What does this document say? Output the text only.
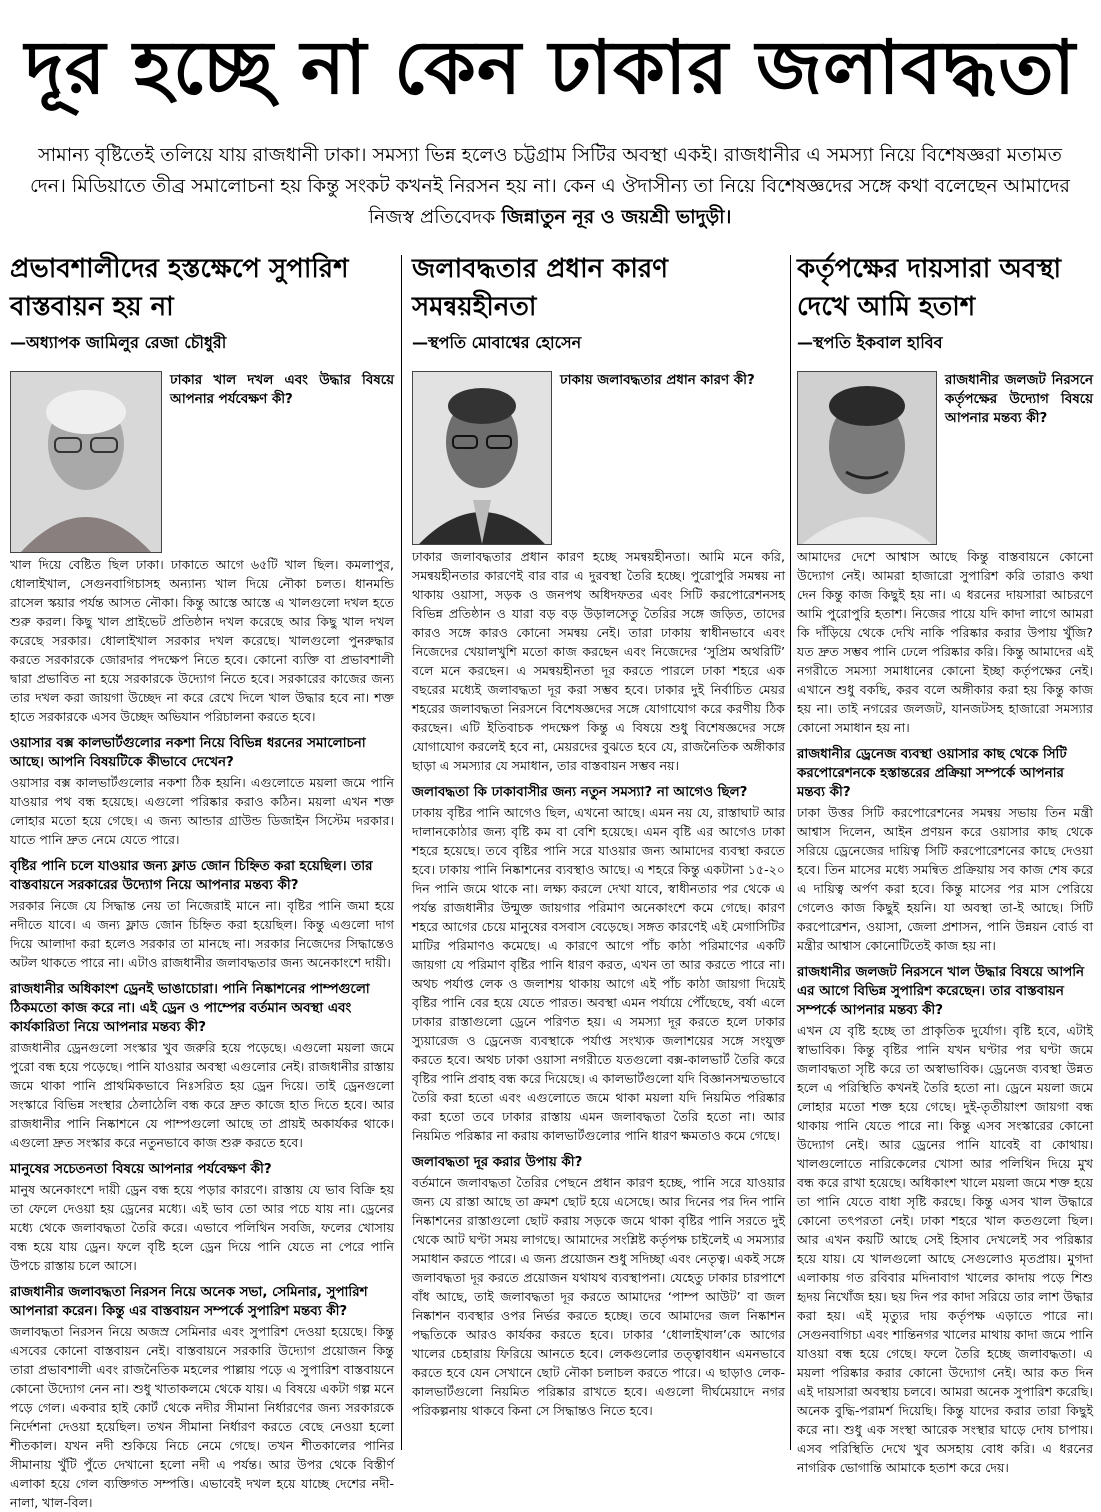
দূর হচ্ছে না কেন ঢাকার জলাবদ্ধতা
সামান্য বৃষ্টিতেই তলিয়ে যায় রাজধানী ঢাকা। সমস্যা ভিন্ন হলেও চট্টগ্রাম সিটির অবস্থা একই। রাজধানীর এ সমস্যা নিয়ে বিশেষজ্ঞরা মতামত দেন। মিডিয়াতে তীব্র সমালোচনা হয় কিন্তু সংকট কখনই নিরসন হয় না। কেন এ ঔদাসীন্য তা নিয়ে বিশেষজ্ঞদের সঙ্গে কথা বলেছেন আমাদের নিজস্ব প্রতিবেদক জিন্নাতুন নূর ও জয়শ্রী ভাদুড়ী।
প্রভাবশালীদের হস্তক্ষেপে সুপারিশ বাস্তবায়ন হয় না
—অধ্যাপক জামিলুর রেজা চৌধুরী
ঢাকার খাল দখল এবং উদ্ধার বিষয়ে আপনার পর্যবেক্ষণ কী?
খাল দিয়ে বেষ্টিত ছিল ঢাকা। ঢাকাতে আগে ৬৫টি খাল ছিল। কমলাপুর, ধোলাইখাল, সেগুনবাগিচাসহ অন্যান্য খাল দিয়ে নৌকা চলত। ধানমন্ডি রাসেল স্কয়ার পর্যন্ত আসত নৌকা। কিন্তু আস্তে আস্তে এ খালগুলো দখল হতে শুরু করল। কিছু খাল প্রাইভেট প্রতিষ্ঠান দখল করেছে আর কিছু খাল দখল করেছে সরকার। ধোলাইখাল সরকার দখল করেছে। খালগুলো পুনরুদ্ধার করতে সরকারকে জোরদার পদক্ষেপ নিতে হবে। কোনো ব্যক্তি বা প্রভাবশালী দ্বারা প্রভাবিত না হয়ে সরকারকে উদ্যোগ নিতে হবে। সরকারের কাজের জন্য তার দখল করা জায়গা উচ্ছেদ না করে রেখে দিলে খাল উদ্ধার হবে না। শক্ত হাতে সরকারকে এসব উচ্ছেদ অভিযান পরিচালনা করতে হবে।
ওয়াসার বক্স কালভার্টগুলোর নকশা নিয়ে বিভিন্ন ধরনের সমালোচনা আছে। আপনি বিষয়টিকে কীভাবে দেখেন?
ওয়াসার বক্স কালভার্টগুলোর নকশা ঠিক হয়নি। এগুলোতে ময়লা জমে পানি যাওয়ার পথ বন্ধ হয়েছে। এগুলো পরিষ্কার করাও কঠিন। ময়লা এখন শক্ত লোহার মতো হয়ে গেছে। এ জন্য আন্ডার গ্রাউন্ড ডিজাইন সিস্টেম দরকার। যাতে পানি দ্রুত নেমে যেতে পারে।
বৃষ্টির পানি চলে যাওয়ার জন্য ফ্লাড জোন চিহ্নিত করা হয়েছিল। তার বাস্তবায়নে সরকারের উদ্যোগ নিয়ে আপনার মন্তব্য কী?
সরকার নিজে যে সিদ্ধান্ত নেয় তা নিজেরাই মানে না। বৃষ্টির পানি জমা হয়ে নদীতে যাবে। এ জন্য ফ্লাড জোন চিহ্নিত করা হয়েছিল। কিন্তু এগুলো দাগ দিয়ে আলাদা করা হলেও সরকার তা মানছে না। সরকার নিজেদের সিদ্ধান্তেও অটল থাকতে পারে না। এটাও রাজধানীর জলাবদ্ধতার জন্য অনেকাংশে দায়ী।
রাজধানীর অধিকাংশ ড্রেনই ভাঙাচোরা। পানি নিষ্কাশনের পাম্পগুলো ঠিকমতো কাজ করে না। এই ড্রেন ও পাম্পের বর্তমান অবস্থা এবং কার্যকারিতা নিয়ে আপনার মন্তব্য কী?
রাজধানীর ড্রেনগুলো সংস্কার খুব জরুরি হয়ে পড়েছে। এগুলো ময়লা জমে পুরো বন্ধ হয়ে পড়েছে। পানি যাওয়ার অবস্থা এগুলোর নেই। রাজধানীর রাস্তায় জমে থাকা পানি প্রাথমিকভাবে নিঃসরিত হয় ড্রেন দিয়ে। তাই ড্রেনগুলো সংস্কারে বিভিন্ন সংস্থার ঠেলাঠেলি বন্ধ করে দ্রুত কাজে হাত দিতে হবে। আর রাজধানীর পানি নিষ্কাশনে যে পাম্পগুলো আছে তা প্রায়ই অকার্যকর থাকে। এগুলো দ্রুত সংস্কার করে নতুনভাবে কাজ শুরু করতে হবে।
মানুষের সচেতনতা বিষয়ে আপনার পর্যবেক্ষণ কী?
মানুষ অনেকাংশে দায়ী ড্রেন বন্ধ হয়ে পড়ার কারণে। রাস্তায় যে ভাব বিক্রি হয় তা ফেলে দেওয়া হয় ড্রেনের মধ্যে। এই ভাব তো আর পচে যায় না। ড্রেনের মধ্যে থেকে জলাবদ্ধতা তৈরি করে। এভাবে পলিথিন সবজি, ফলের খোসায় বন্ধ হয়ে যায় ড্রেন। ফলে বৃষ্টি হলে ড্রেন দিয়ে পানি যেতে না পেরে পানি উপচে রাস্তায় চলে আসে।
রাজধানীর জলাবদ্ধতা নিরসন নিয়ে অনেক সভা, সেমিনার, সুপারিশ আপনারা করেন। কিন্তু এর বাস্তবায়ন সম্পর্কে সুপারিশ মন্তব্য কী?
জলাবদ্ধতা নিরসন নিয়ে অজস্র সেমিনার এবং সুপারিশ দেওয়া হয়েছে। কিন্তু এসবের কোনো বাস্তবায়ন নেই। বাস্তবায়নে সরকারি উদ্যোগ প্রয়োজন কিন্তু তারা প্রভাবশালী এবং রাজনৈতিক মহলের পাল্লায় পড়ে এ সুপারিশ বাস্তবায়নে কোনো উদ্যোগ নেন না। শুধু খাতাকলমে থেকে যায়। এ বিষয়ে একটা গল্প মনে পড়ে গেল। একবার হাই কোর্ট থেকে নদীর সীমানা নির্ধারণের জন্য সরকারকে নির্দেশনা দেওয়া হয়েছিল। তখন সীমানা নির্ধারণ করতে বেছে নেওয়া হলো শীতকাল। যখন নদী শুকিয়ে নিচে নেমে গেছে। তখন শীতকালের পানির সীমানায় খুঁটি পুঁতে দেখানো হলো নদী এ পর্যন্ত। আর উপর থেকে বিস্তীর্ণ এলাকা হয়ে গেল ব্যক্তিগত সম্পত্তি। এভাবেই দখল হয়ে যাচ্ছে দেশের নদী-নালা, খাল-বিল।
জলাবদ্ধতার প্রধান কারণ সমন্বয়হীনতা
—স্থপতি মোবাশ্বের হোসেন
ঢাকায় জলাবদ্ধতার প্রধান কারণ কী?
ঢাকার জলাবদ্ধতার প্রধান কারণ হচ্ছে সমন্বয়হীনতা। আমি মনে করি, সমন্বয়হীনতার কারণেই বার বার এ দুরবস্থা তৈরি হচ্ছে। পুরোপুরি সমন্বয় না থাকায় ওয়াসা, সড়ক ও জনপথ অধিদফতর এবং সিটি করপোরেশনসহ বিভিন্ন প্রতিষ্ঠান ও যারা বড় বড় উড়ালসেতু তৈরির সঙ্গে জড়িত, তাদের কারও সঙ্গে কারও কোনো সমন্বয় নেই। তারা ঢাকায় স্বাধীনভাবে এবং নিজেদের খেয়ালখুশি মতো কাজ করছেন এবং নিজেদের ‘সুপ্রিম অথরিটি’ বলে মনে করছেন। এ সমন্বয়হীনতা দূর করতে পারলে ঢাকা শহরে এক বছরের মধ্যেই জলাবদ্ধতা দূর করা সম্ভব হবে। ঢাকার দুই নির্বাচিত মেয়র শহরের জলাবদ্ধতা নিরসনে বিশেষজ্ঞদের সঙ্গে যোগাযোগ করে করণীয় ঠিক করছেন। এটি ইতিবাচক পদক্ষেপ কিন্তু এ বিষয়ে শুধু বিশেষজ্ঞদের সঙ্গে যোগাযোগ করলেই হবে না, মেয়রদের বুঝতে হবে যে, রাজনৈতিক অঙ্গীকার ছাড়া এ সমস্যার যে সমাধান, তার বাস্তবায়ন সম্ভব নয়।
জলাবদ্ধতা কি ঢাকাবাসীর জন্য নতুন সমস্যা? না আগেও ছিল?
ঢাকায় বৃষ্টির পানি আগেও ছিল, এখনো আছে। এমন নয় যে, রাস্তাঘাট আর দালানকোঠার জন্য বৃষ্টি কম বা বেশি হয়েছে। এমন বৃষ্টি এর আগেও ঢাকা শহরে হয়েছে। তবে বৃষ্টির পানি সরে যাওয়ার জন্য আমাদের ব্যবস্থা করতে হবে। ঢাকায় পানি নিষ্কাশনের ব্যবস্থাও আছে। এ শহরে কিন্তু একটানা ১৫-২০ দিন পানি জমে থাকে না। লক্ষ্য করলে দেখা যাবে, স্বাধীনতার পর থেকে এ পর্যন্ত রাজধানীর উন্মুক্ত জায়গার পরিমাণ অনেকাংশে কমে গেছে। কারণ শহরে আগের চেয়ে মানুষের বসবাস বেড়েছে। সঙ্গত কারণেই এই মেগাসিটির মাটির পরিমাণও কমেছে। এ কারণে আগে পাঁচ কাঠা পরিমাণের একটি জায়গা যে পরিমাণ বৃষ্টির পানি ধারণ করত, এখন তা আর করতে পারে না। অথচ পর্যাপ্ত লেক ও জলাশয় থাকায় আগে এই পাঁচ কাঠা জায়গা দিয়েই বৃষ্টির পানি বের হয়ে যেতে পারত। অবস্থা এমন পর্যায়ে পৌঁছেছে, বর্ষা এলে ঢাকার রাস্তাগুলো ড্রেনে পরিণত হয়। এ সমস্যা দূর করতে হলে ঢাকার স্যুয়ারেজ ও ড্রেনেজ ব্যবস্থাকে পর্যাপ্ত সংখ্যক জলাশয়ের সঙ্গে সংযুক্ত করতে হবে। অথচ ঢাকা ওয়াসা নগরীতে যতগুলো বক্স-কালভার্ট তৈরি করে বৃষ্টির পানি প্রবাহ বন্ধ করে দিয়েছে। এ কালভার্টগুলো যদি বিজ্ঞানসম্মতভাবে তৈরি করা হতো এবং এগুলোতে জমে থাকা ময়লা যদি নিয়মিত পরিষ্কার করা হতো তবে ঢাকার রাস্তায় এমন জলাবদ্ধতা তৈরি হতো না। আর নিয়মিত পরিষ্কার না করায় কালভার্টগুলোর পানি ধারণ ক্ষমতাও কমে গেছে।
জলাবদ্ধতা দূর করার উপায় কী?
বর্তমানে জলাবদ্ধতা তৈরির পেছনে প্রধান কারণ হচ্ছে, পানি সরে যাওয়ার জন্য যে রাস্তা আছে তা ক্রমশ ছোট হয়ে এসেছে। আর দিনের পর দিন পানি নিষ্কাশনের রাস্তাগুলো ছোট করায় সড়কে জমে থাকা বৃষ্টির পানি সরতে দুই থেকে আট ঘণ্টা সময় লাগছে। আমাদের সংশ্লিষ্ট কর্তৃপক্ষ চাইলেই এ সমস্যার সমাধান করতে পারে। এ জন্য প্রয়োজন শুধু সদিচ্ছা এবং নেতৃত্ব। একই সঙ্গে জলাবদ্ধতা দূর করতে প্রয়োজন যথাযথ ব্যবস্থাপনা। যেহেতু ঢাকার চারপাশে বাঁধ আছে, তাই জলাবদ্ধতা দূর করতে আমাদের ‘পাম্প আউট’ বা জল নিষ্কাশন ব্যবস্থার ওপর নির্ভর করতে হচ্ছে। তবে আমাদের জল নিষ্কাশন পদ্ধতিকে আরও কার্যকর করতে হবে। ঢাকার ‘ধোলাইখাল’কে আগের খালের চেহারায় ফিরিয়ে আনতে হবে। লেকগুলোর তত্ত্বাবধান এমনভাবে করতে হবে যেন সেখানে ছোট নৌকা চলাচল করতে পারে। এ ছাড়াও লেক-কালভার্টগুলো নিয়মিত পরিষ্কার রাখতে হবে। এগুলো দীর্ঘমেয়াদে নগর পরিকল্পনায় থাকবে কিনা সে সিদ্ধান্তও নিতে হবে।
কর্তৃপক্ষের দায়সারা অবস্থা দেখে আমি হতাশ
—স্থপতি ইকবাল হাবিব
রাজধানীর জলজট নিরসনে কর্তৃপক্ষের উদ্যোগ বিষয়ে আপনার মন্তব্য কী?
আমাদের দেশে আশ্বাস আছে কিন্তু বাস্তবায়নে কোনো উদ্যোগ নেই। আমরা হাজারো সুপারিশ করি তারাও কথা দেন কিন্তু কাজ কিছুই হয় না। এ ধরনের দায়সারা আচরণে আমি পুরোপুরি হতাশ। নিজের পায়ে যদি কাদা লাগে আমরা কি দাঁড়িয়ে থেকে দেখি নাকি পরিষ্কার করার উপায় খুঁজি? যত দ্রুত সম্ভব পানি ঢেলে পরিষ্কার করি। কিন্তু আমাদের এই নগরীতে সমস্যা সমাধানের কোনো ইচ্ছা কর্তৃপক্ষের নেই। এখানে শুধু বকছি, করব বলে অঙ্গীকার করা হয় কিন্তু কাজ হয় না। তাই নগরের জলজট, যানজটসহ হাজারো সমস্যার কোনো সমাধান হয় না।
রাজধানীর ড্রেনেজ ব্যবস্থা ওয়াসার কাছ থেকে সিটি করপোরেশনকে হস্তান্তরের প্রক্রিয়া সম্পর্কে আপনার মন্তব্য কী?
ঢাকা উত্তর সিটি করপোরেশনের সমন্বয় সভায় তিন মন্ত্রী আশ্বাস দিলেন, আইন প্রণয়ন করে ওয়াসার কাছ থেকে সরিয়ে ড্রেনেজের দায়িত্ব সিটি করপোরেশনের কাছে দেওয়া হবে। তিন মাসের মধ্যে সমন্বিত প্রক্রিয়ায় সব কাজ শেষ করে এ দায়িত্ব অর্পণ করা হবে। কিন্তু মাসের পর মাস পেরিয়ে গেলেও কাজ কিছুই হয়নি। যা অবস্থা তা-ই আছে। সিটি করপোরেশন, ওয়াসা, জেলা প্রশাসন, পানি উন্নয়ন বোর্ড বা মন্ত্রীর আশ্বাস কোনোটিতেই কাজ হয় না।
রাজধানীর জলজট নিরসনে খাল উদ্ধার বিষয়ে আপনি এর আগে বিভিন্ন সুপারিশ করেছেন। তার বাস্তবায়ন সম্পর্কে আপনার মন্তব্য কী?
এখন যে বৃষ্টি হচ্ছে তা প্রাকৃতিক দুর্যোগ। বৃষ্টি হবে, এটাই স্বাভাবিক। কিন্তু বৃষ্টির পানি যখন ঘণ্টার পর ঘণ্টা জমে জলাবদ্ধতা সৃষ্টি করে তা অস্বাভাবিক। ড্রেনেজ ব্যবস্থা উন্নত হলে এ পরিস্থিতি কখনই তৈরি হতো না। ড্রেনে ময়লা জমে লোহার মতো শক্ত হয়ে গেছে। দুই-তৃতীয়াংশ জায়গা বন্ধ থাকায় পানি যেতে পারে না। কিন্তু এসব সংস্কারের কোনো উদ্যোগ নেই। আর ড্রেনের পানি যাবেই বা কোথায়। খালগুলোতে নারিকেলের খোসা আর পলিথিন দিয়ে মুখ বন্ধ করে রাখা হয়েছে। অধিকাংশ খালে ময়লা জমে শক্ত হয়ে তা পানি যেতে বাধা সৃষ্টি করছে। কিন্তু এসব খাল উদ্ধারে কোনো তৎপরতা নেই। ঢাকা শহরে খাল কতগুলো ছিল। আর এখন কয়টি আছে সেই হিসাব দেখলেই সব পরিষ্কার হয়ে যায়। যে খালগুলো আছে সেগুলোও মৃতপ্রায়। মুগদা এলাকায় গত রবিবার মদিনাবাগ খালের কাদায় পড়ে শিশু হৃদয় নিখোঁজ হয়। ছয় দিন পর কাদা সরিয়ে তার লাশ উদ্ধার করা হয়। এই মৃত্যুর দায় কর্তৃপক্ষ এড়াতে পারে না। সেগুনবাগিচা এবং শান্তিনগর খালের মাথায় কাদা জমে পানি যাওয়া বন্ধ হয়ে গেছে। ফলে তৈরি হচ্ছে জলাবদ্ধতা। এ ময়লা পরিষ্কার করার কোনো উদ্যোগ নেই। আর কত দিন এই দায়সারা অবস্থায় চলবে। আমরা অনেক সুপারিশ করেছি। অনেক বুদ্ধি-পরামর্শ দিয়েছি। কিন্তু যাদের করার তারা কিছুই করে না। শুধু এক সংস্থা আরেক সংস্থার ঘাড়ে দোষ চাপায়। এসব পরিস্থিতি দেখে খুব অসহায় বোধ করি। এ ধরনের নাগরিক ভোগান্তি আমাকে হতাশ করে দেয়।
